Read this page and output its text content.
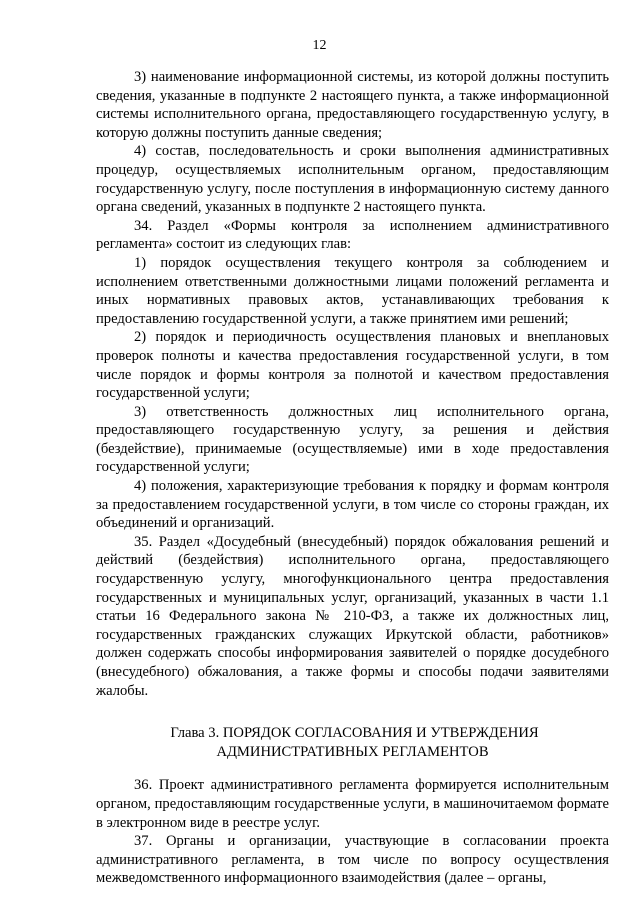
12

3) наименование информационной системы, из которой должны поступить сведения, указанные в подпункте 2 настоящего пункта, а также информационной системы исполнительного органа, предоставляющего государственную услугу, в которую должны поступить данные сведения;

4) состав, последовательность и сроки выполнения административных процедур, осуществляемых исполнительным органом, предоставляющим государственную услугу, после поступления в информационную систему данного органа сведений, указанных в подпункте 2 настоящего пункта.

34. Раздел «Формы контроля за исполнением административного регламента» состоит из следующих глав:

1) порядок осуществления текущего контроля за соблюдением и исполнением ответственными должностными лицами положений регламента и иных нормативных правовых актов, устанавливающих требования к предоставлению государственной услуги, а также принятием ими решений;

2) порядок и периодичность осуществления плановых и внеплановых проверок полноты и качества предоставления государственной услуги, в том числе порядок и формы контроля за полнотой и качеством предоставления государственной услуги;

3) ответственность должностных лиц исполнительного органа, предоставляющего государственную услугу, за решения и действия (бездействие), принимаемые (осуществляемые) ими в ходе предоставления государственной услуги;

4) положения, характеризующие требования к порядку и формам контроля за предоставлением государственной услуги, в том числе со стороны граждан, их объединений и организаций.

35. Раздел «Досудебный (внесудебный) порядок обжалования решений и действий (бездействия) исполнительного органа, предоставляющего государственную услугу, многофункционального центра предоставления государственных и муниципальных услуг, организаций, указанных в части 1.1 статьи 16 Федерального закона № 210-ФЗ, а также их должностных лиц, государственных гражданских служащих Иркутской области, работников» должен содержать способы информирования заявителей о порядке досудебного (внесудебного) обжалования, а также формы и способы подачи заявителями жалобы.

Глава 3. ПОРЯДОК СОГЛАСОВАНИЯ И УТВЕРЖДЕНИЯ
АДМИНИСТРАТИВНЫХ РЕГЛАМЕНТОВ

36. Проект административного регламента формируется исполнительным органом, предоставляющим государственные услуги, в машиночитаемом формате в электронном виде в реестре услуг.

37. Органы и организации, участвующие в согласовании проекта административного регламента, в том числе по вопросу осуществления межведомственного информационного взаимодействия (далее – органы,
